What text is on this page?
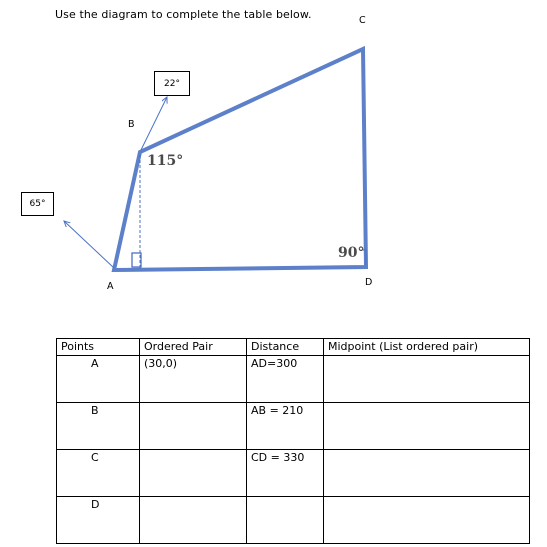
Use the diagram to complete the table below.
B
C
A	D
22°
65°
115°
90°
Points	Ordered Pair	Distance	Midpoint (List ordered pair)

A	(30,0)	AD=300	

B		AB = 210	

C		CD = 330	

D			
